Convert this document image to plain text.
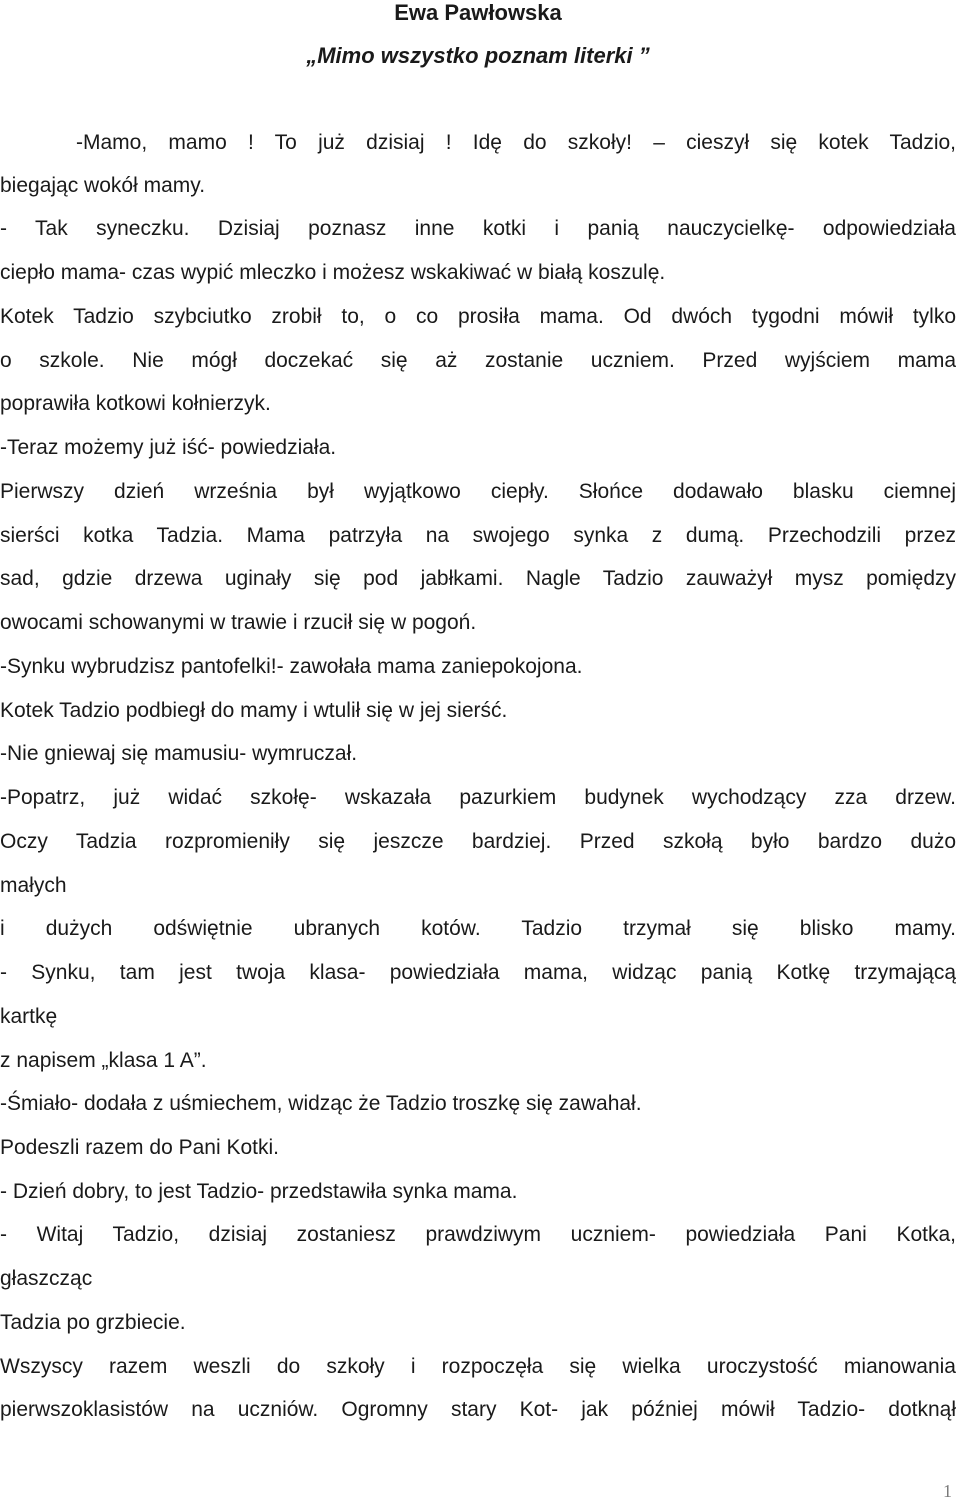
Ewa Pawłowska
„Mimo wszystko poznam literki ”
-Mamo, mamo ! To już dzisiaj ! Idę do szkoły! – cieszył się kotek Tadzio,
biegając wokół mamy.
- Tak syneczku. Dzisiaj poznasz inne kotki i panią nauczycielkę- odpowiedziała
ciepło mama- czas wypić mleczko i możesz wskakiwać w białą koszulę.
Kotek Tadzio szybciutko zrobił to, o co prosiła mama. Od dwóch tygodni mówił tylko
o szkole. Nie mógł doczekać się aż zostanie uczniem. Przed wyjściem mama
poprawiła kotkowi kołnierzyk.
-Teraz możemy już iść- powiedziała.
Pierwszy dzień września był wyjątkowo ciepły. Słońce dodawało blasku ciemnej
sierści kotka Tadzia. Mama patrzyła na swojego synka z dumą. Przechodzili przez
sad, gdzie drzewa uginały się pod jabłkami. Nagle Tadzio zauważył mysz pomiędzy
owocami schowanymi w trawie i rzucił się w pogoń.
-Synku wybrudzisz pantofelki!- zawołała mama zaniepokojona.
Kotek Tadzio podbiegł do mamy i wtulił się w jej sierść.
-Nie gniewaj się mamusiu- wymruczał.
-Popatrz, już widać szkołę- wskazała pazurkiem budynek wychodzący zza drzew.
Oczy Tadzia rozpromieniły się jeszcze bardziej. Przed szkołą było bardzo dużo
małych
i dużych odświętnie ubranych kotów. Tadzio trzymał się blisko mamy.
- Synku, tam jest twoja klasa- powiedziała mama, widząc panią Kotkę trzymającą
kartkę
z napisem „klasa 1 A”.
-Śmiało- dodała z uśmiechem, widząc że Tadzio troszkę się zawahał.
Podeszli razem do Pani Kotki.
- Dzień dobry, to jest Tadzio- przedstawiła synka mama.
- Witaj Tadzio, dzisiaj zostaniesz prawdziwym uczniem- powiedziała Pani Kotka,
głaszcząc
Tadzia po grzbiecie.
Wszyscy razem weszli do szkoły i rozpoczęła się wielka uroczystość mianowania
pierwszoklasistów na uczniów. Ogromny stary Kot- jak później mówił Tadzio- dotknął
1
